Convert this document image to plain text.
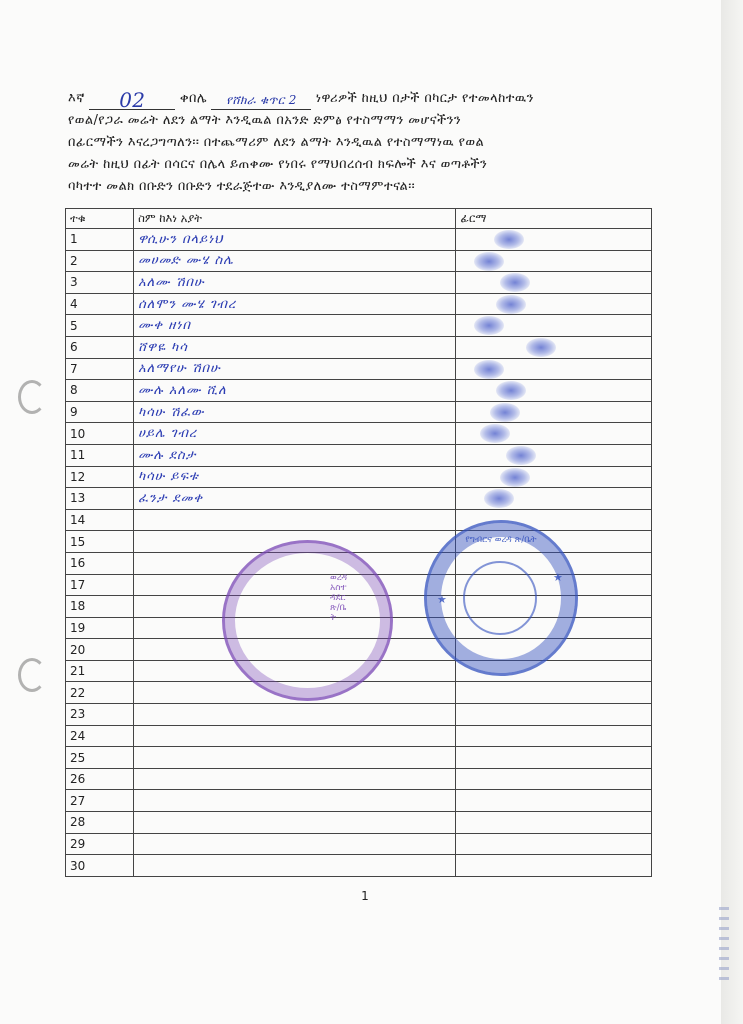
እኛ 02	ቀበሌ የሸክራ ቁጥር 2 ነዋሪዎች ከዚህ በታች በካርታ የተመላከተዉን
የወል/የጋራ መሬት ለደን ልማት እንዲዉል በአንድ ድምፅ የተስማማን መሆናችንን
በፊርማችን እናረጋግጣለን፡፡ በተጨማሪም ለደን ልማት እንዲዉል የተስማማነዉ የወል
መሬት ከዚህ በፊት በሳርና በሌላ ይጠቀሙ የነበሩ የማህበረሰብ ክፍሎች እና ወጣቶችን
ባካተተ መልክ በቡድን በቡድን ተደራጅተው እንዲያለሙ ተስማምተናል፡፡
ተቁ	ስም ከእነ አያት	ፊርማ
1	ዋሲሁን በላይነህ	

2	መሀመድ ሙሄ ስሌ	

3	አለሙ ሽበሁ	

4	ሰለሞን ሙሄ ገብረ	

5	ሙቀ ዘነበ	

6	ሸዋዬ ካሳ	

7	አለማየሁ ሽበሁ	

8	ሙሉ አለሙ ሺለ	

9	ካሳሁ ሽፈው	

10	ሀይሌ ገብረ	

11	ሙሉ ደስታ	

12	ካሳሁ ይፍቱ	

13	ፈንታ ደመቀ	

14		
15		
16		
17		
18		
19		
20		
21		
22		
23		
24		
25		
26		
27		
28		
29		
30		
ወረዳ አስተዳደር ጽ/ቤት
★
★
የግብርና ወረዳ ጽ/ቤት
1
